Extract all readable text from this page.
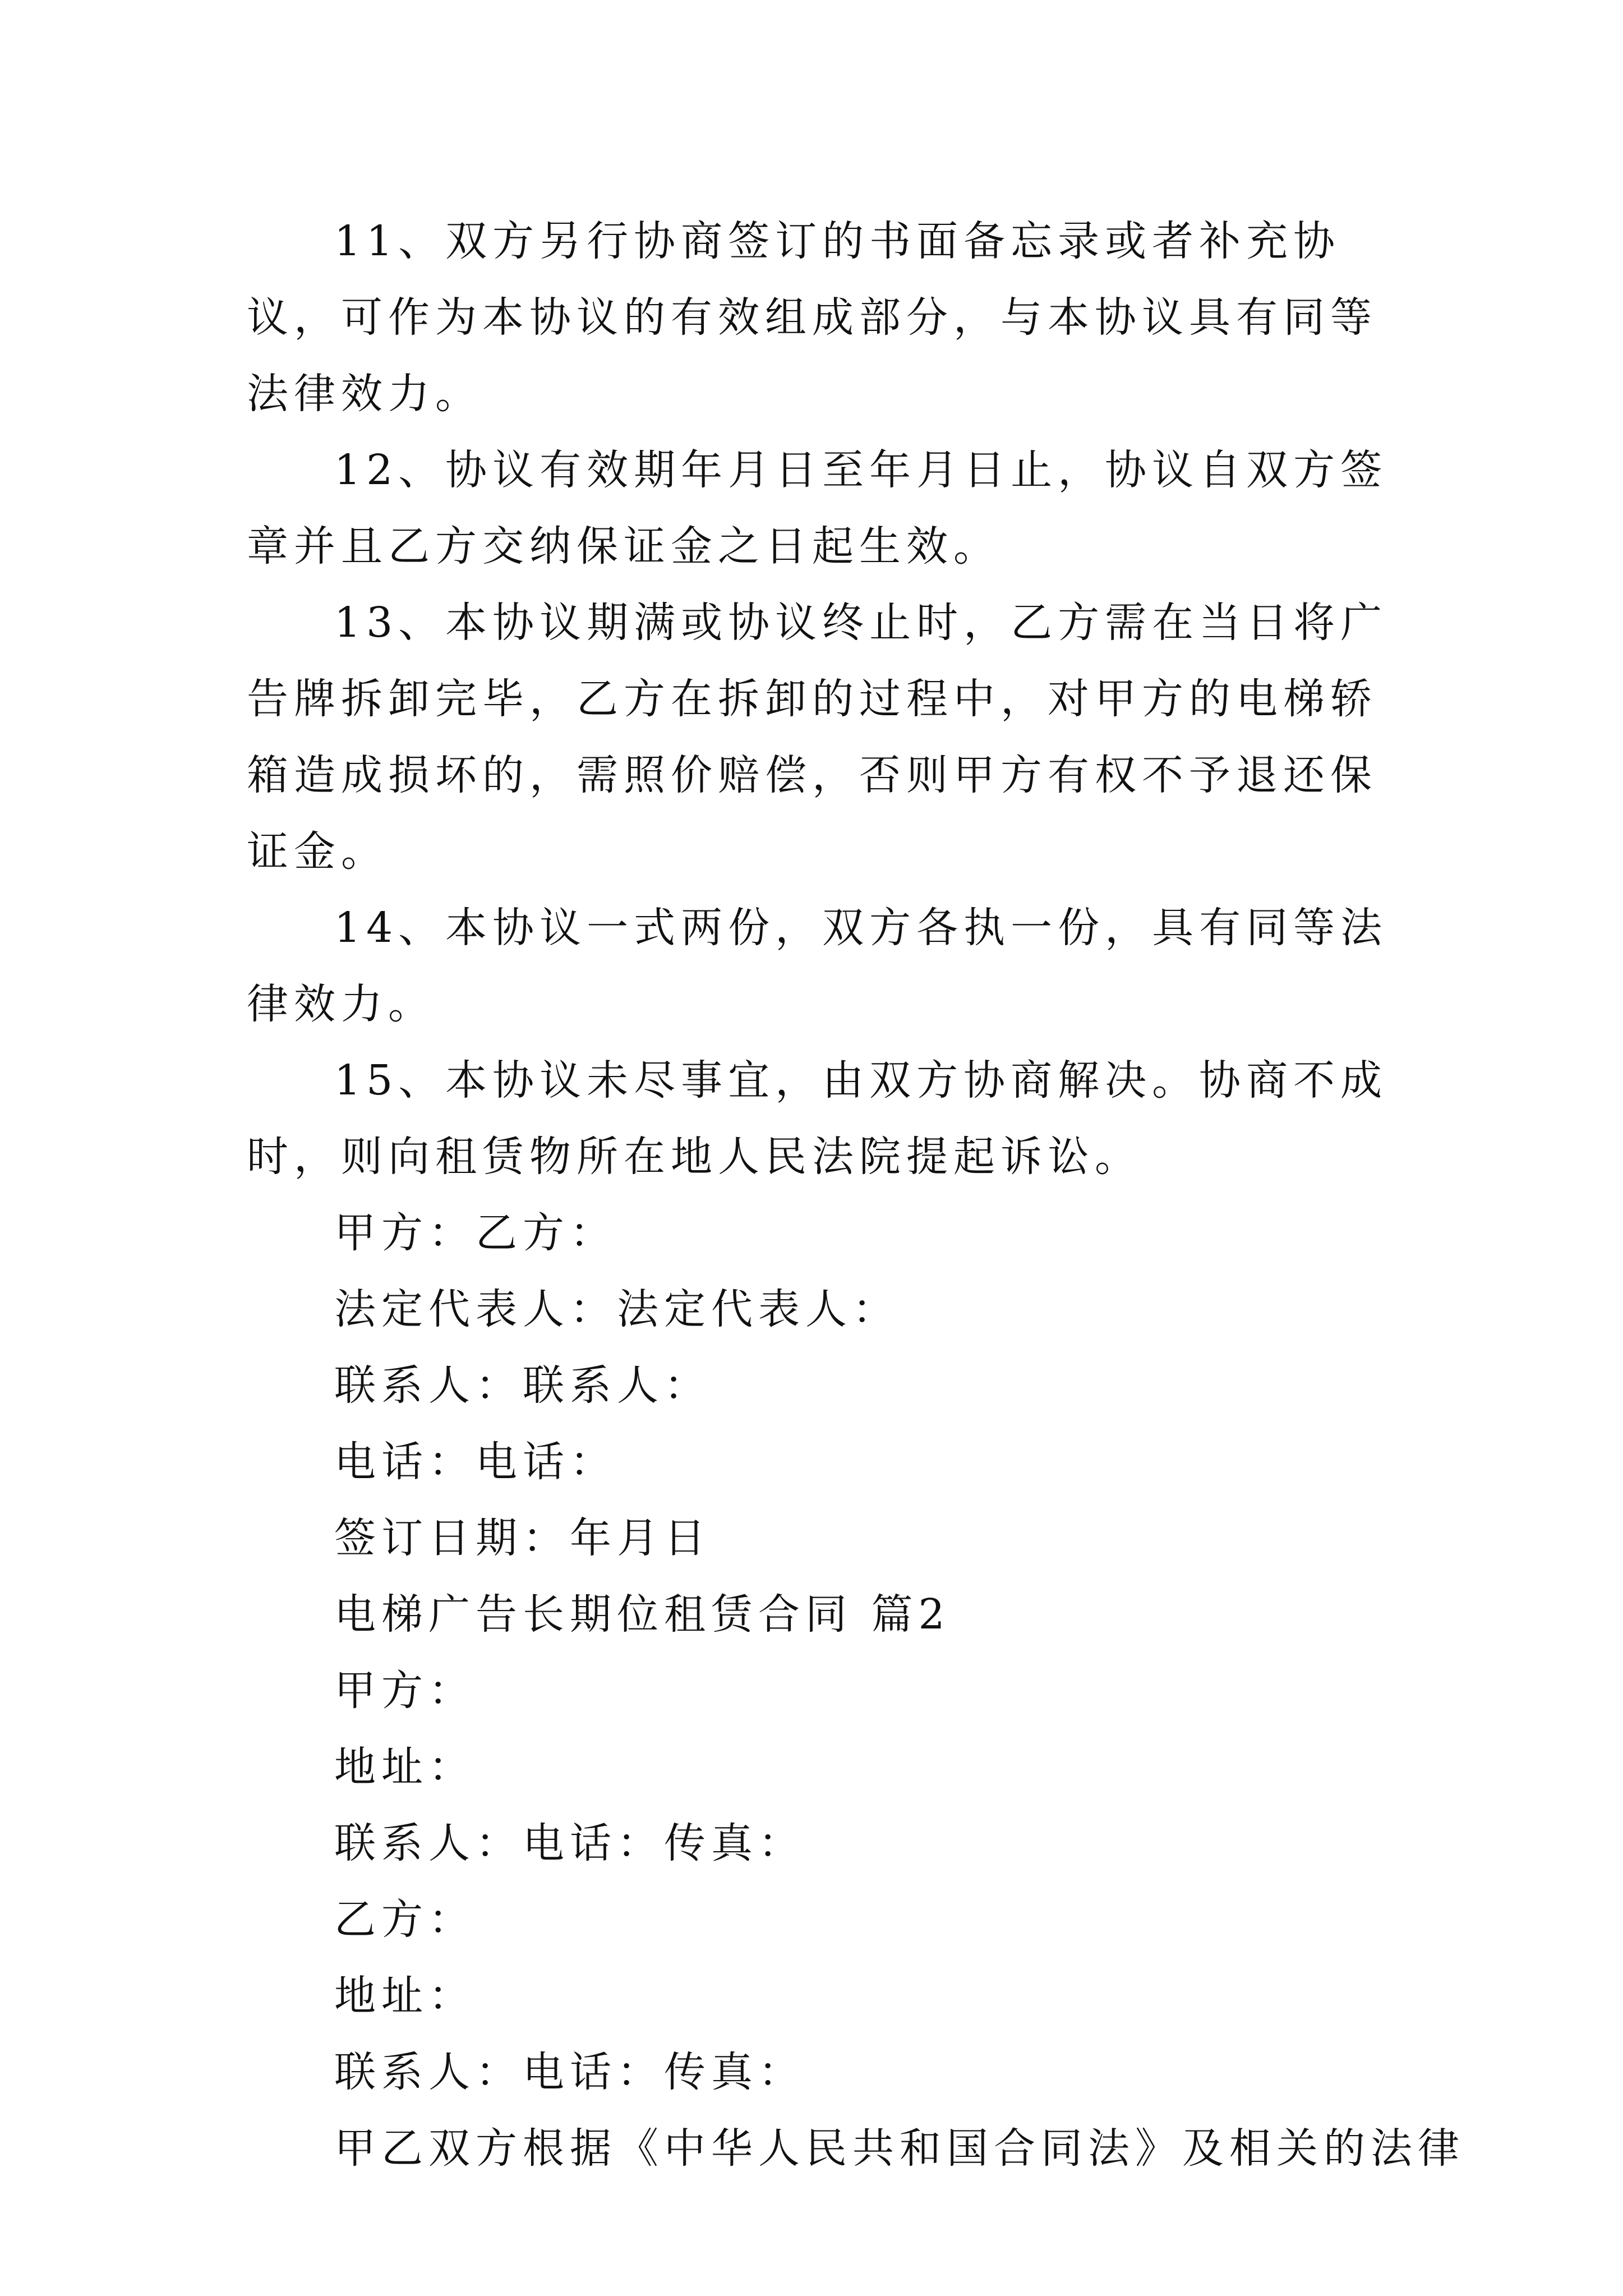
11、双方另行协商签订的书面备忘录或者补充协议，可作为本协议的有效组成部分，与本协议具有同等法律效力。

12、协议有效期年月日至年月日止，协议自双方签章并且乙方交纳保证金之日起生效。

13、本协议期满或协议终止时，乙方需在当日将广告牌拆卸完毕，乙方在拆卸的过程中，对甲方的电梯轿箱造成损坏的，需照价赔偿，否则甲方有权不予退还保证金。

14、本协议一式两份，双方各执一份，具有同等法律效力。

15、本协议未尽事宜，由双方协商解决。协商不成时，则向租赁物所在地人民法院提起诉讼。

甲方：乙方：

法定代表人：法定代表人：

联系人：联系人：

电话：电话：

签订日期：年月日

电梯广告长期位租赁合同 篇2

甲方：

地址：

联系人：电话：传真：

乙方：

地址：

联系人：电话：传真：

甲乙双方根据《中华人民共和国合同法》及相关的法律
